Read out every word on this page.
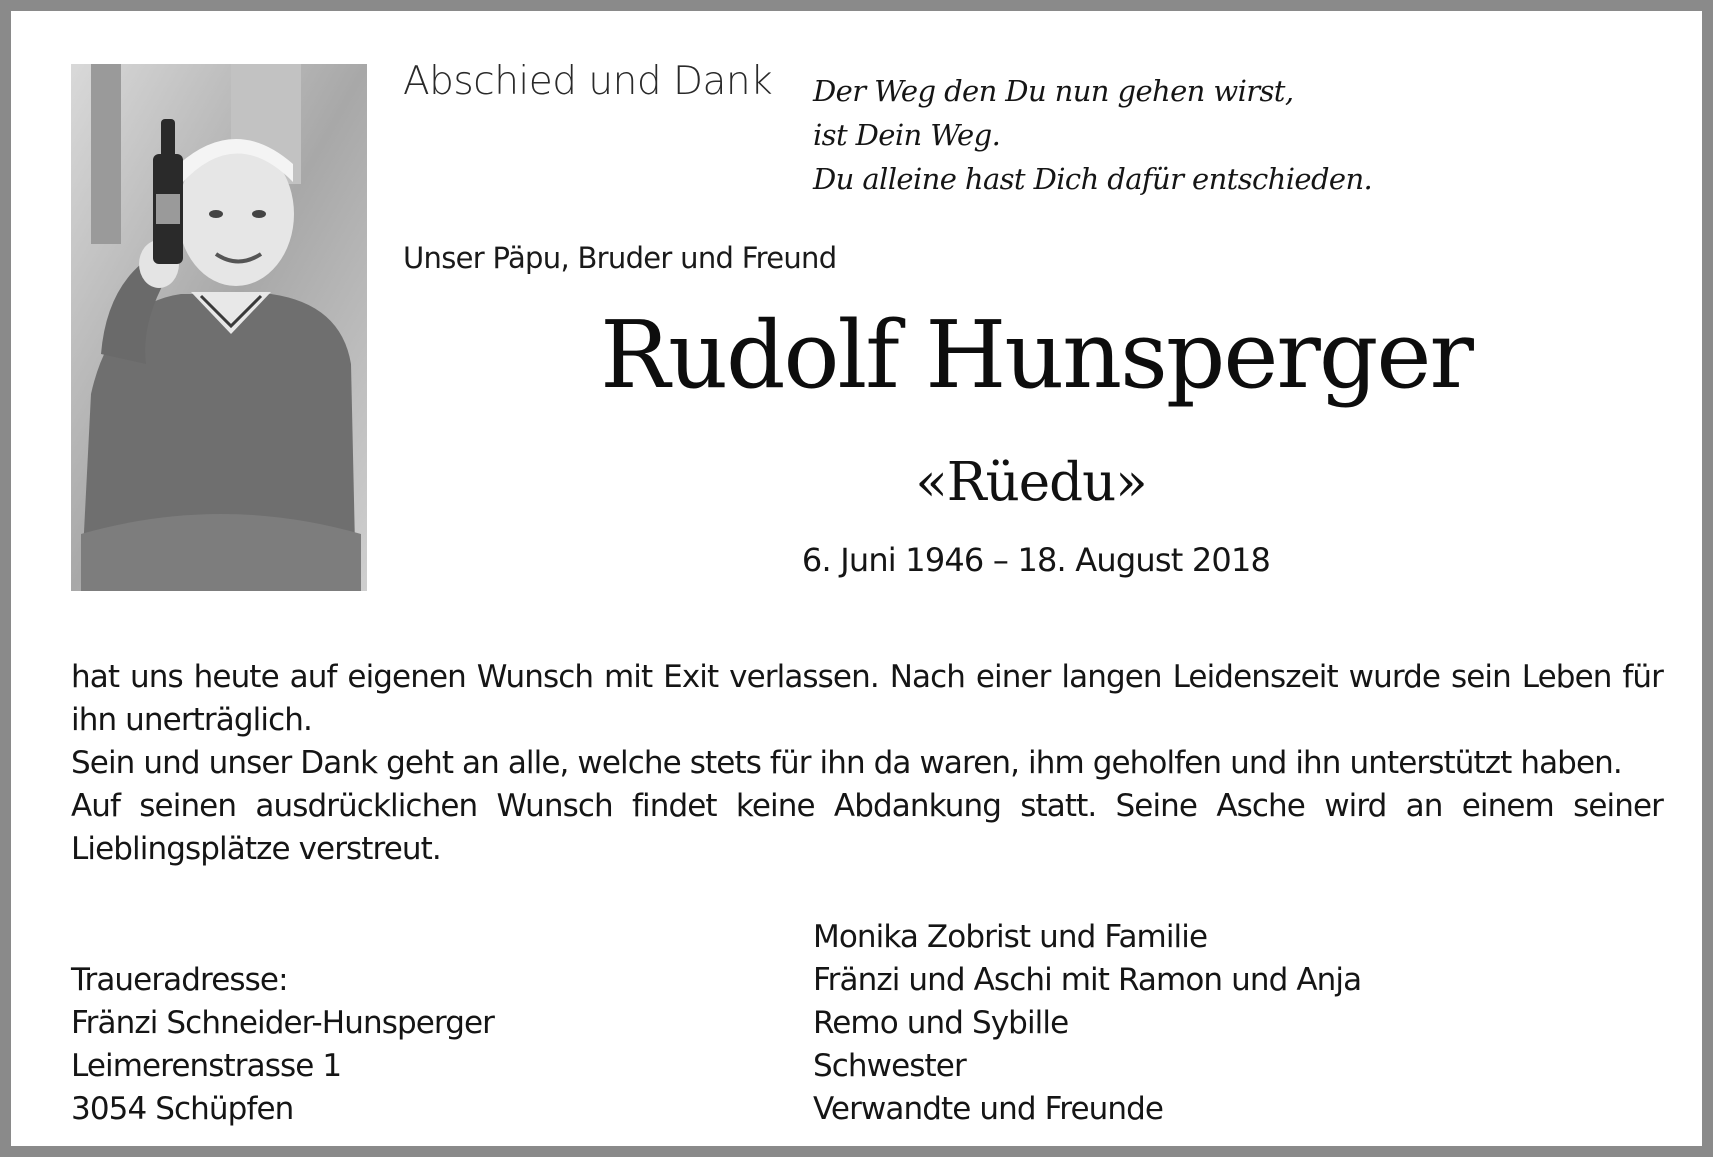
Abschied und Dank Der Weg den Du nun gehen wirst,
ist Dein Weg.
Du alleine hast Dich dafür entschieden.
Unser Päpu, Bruder und Freund
Rudolf Hunsperger
«Rüedu»
6. Juni 1946 – 18. August 2018

hat uns heute auf eigenen Wunsch mit Exit verlassen. Nach einer langen Leidenszeit wurde sein Leben für ihn unerträglich.

Sein und unser Dank geht an alle, welche stets für ihn da waren, ihm geholfen und ihn unterstützt haben.

Auf seinen ausdrücklichen Wunsch findet keine Abdankung statt. Seine Asche wird an einem seiner Lieblingsplätze verstreut.

Traueradresse:
Fränzi Schneider-Hunsperger
Leimerenstrasse 1
3054 Schüpfen
Monika Zobrist und Familie
Fränzi und Aschi mit Ramon und Anja
Remo und Sybille
Schwester
Verwandte und Freunde
